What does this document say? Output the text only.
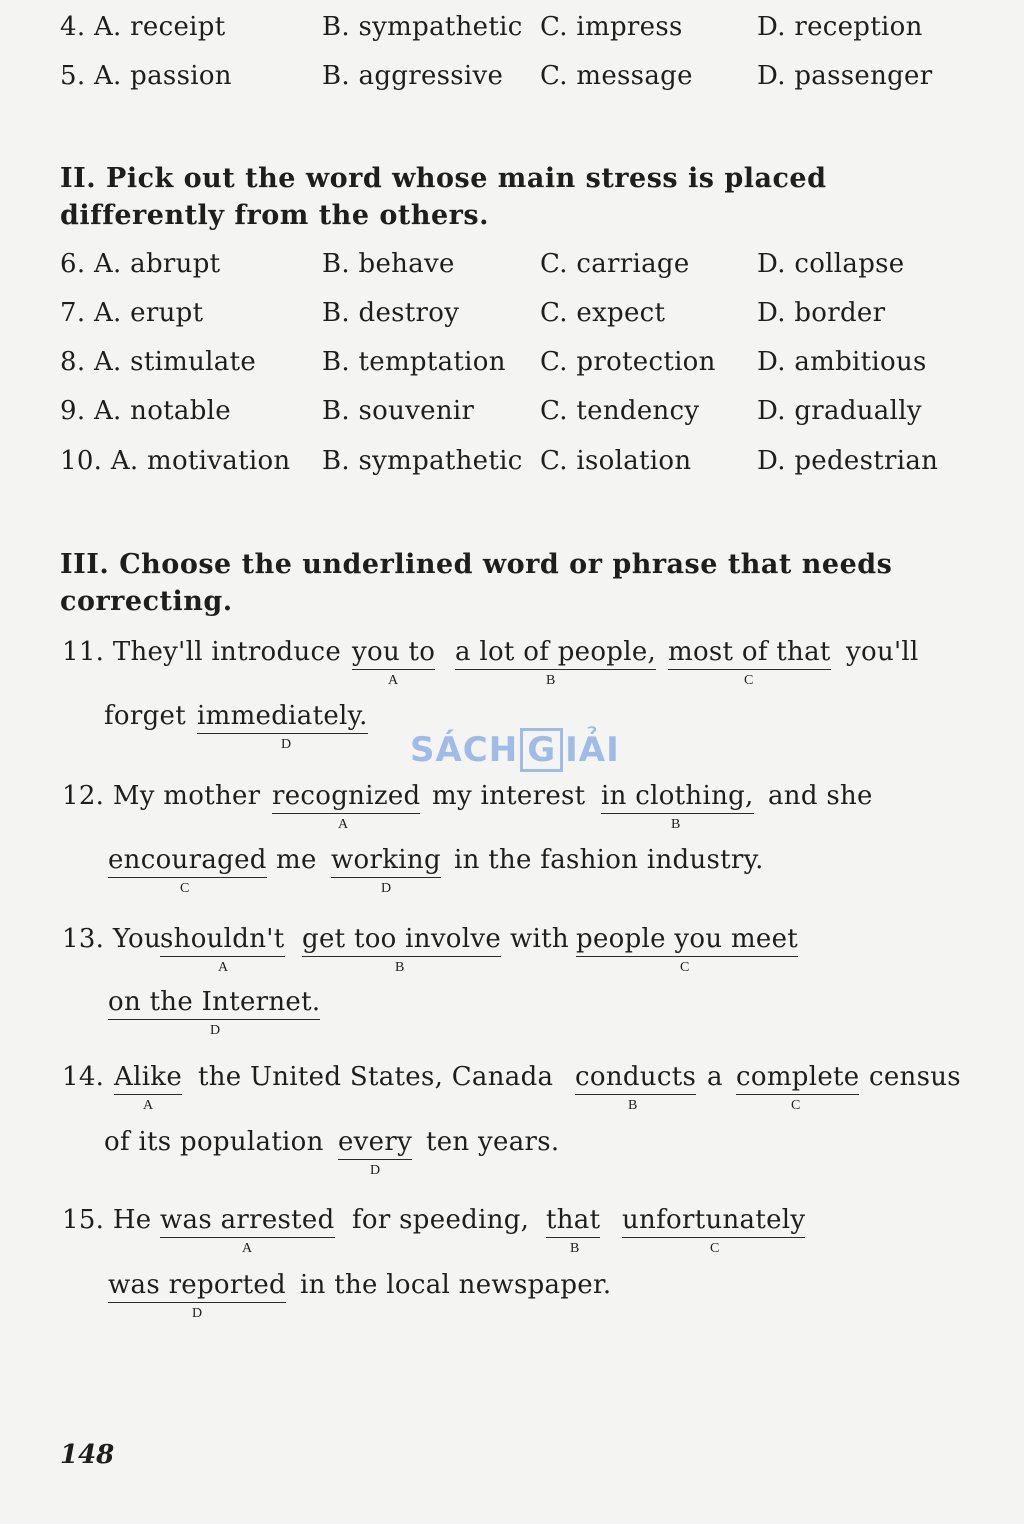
4. A. receipt	B. sympathetic C. impress	D. reception
5. A. passion	B. aggressive C. message D. passenger
II. Pick out the word whose main stress is placed differently from the others.
6. A. abrupt	B. behave	C. carriage	D. collapse
7. A. erupt	B. destroy	C. expect	D. border
8. A. stimulate	B. temptation C. protection D. ambitious
9. A. notable	B. souvenir	C. tendency D. gradually
10. A. motivation B. sympathetic C. isolation	D. pedestrian
III. Choose the underlined word or phrase that needs correcting.
11. They'll introduce you to
A
a lot of people,
B
most of that
C
you'll
forget immediately.
D	SÁCH G IẢI
12. My mother recognized
A
my interest in clothing,
B
and she
encouraged
C
me working
D
in the fashion industry.
13. You
shouldn't
A
get too involve
B
with people you meet
C
on the Internet.
D
14. Alike
A
the United States, Canada conducts
B
a complete
C
census
of its population every
D
ten years.
15. He was arrested
A
for speeding, that
B
unfortunately
C
was reported
D
in the local newspaper.
148
